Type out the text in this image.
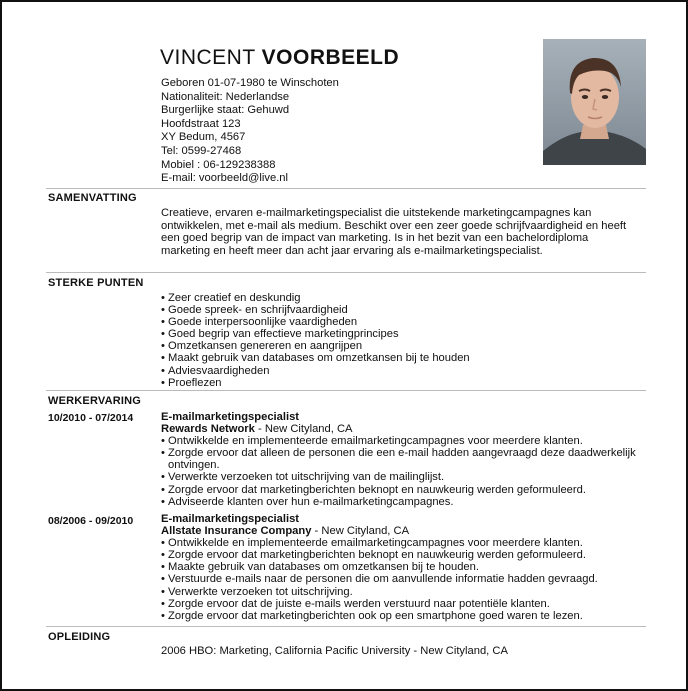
VINCENT VOORBEELD
Geboren 01-07-1980 te Winschoten
Nationaliteit: Nederlandse
Burgerlijke staat: Gehuwd
Hoofdstraat 123
XY Bedum, 4567
Tel: 0599-27468
Mobiel : 06-129238388
E-mail: voorbeeld@live.nl
SAMENVATTING
Creatieve, ervaren e-mailmarketingspecialist die uitstekende marketingcampagnes kan ontwikkelen, met e-mail als medium. Beschikt over een zeer goede schrijfvaardigheid en heeft een goed begrip van de impact van marketing. Is in het bezit van een bachelordiploma marketing en heeft meer dan acht jaar ervaring als e-mailmarketingspecialist.
STERKE PUNTEN
• Zeer creatief en deskundig
• Goede spreek- en schrijfvaardigheid
• Goede interpersoonlijke vaardigheden
• Goed begrip van effectieve marketingprincipes
• Omzetkansen genereren en aangrijpen
• Maakt gebruik van databases om omzetkansen bij te houden
• Adviesvaardigheden
• Proeflezen
WERKERVARING
10/2010 - 07/2014 E-mailmarketingspecialist
Rewards Network - New Cityland, CA
• Ontwikkelde en implementeerde emailmarketingcampagnes voor meerdere klanten.
• Zorgde ervoor dat alleen de personen die een e-mail hadden aangevraagd deze daadwerkelijk ontvingen.
• Verwerkte verzoeken tot uitschrijving van de mailinglijst.
• Zorgde ervoor dat marketingberichten beknopt en nauwkeurig werden geformuleerd.
• Adviseerde klanten over hun e-mailmarketingcampagnes.
08/2006 - 09/2010 E-mailmarketingspecialist
Allstate Insurance Company - New Cityland, CA
• Ontwikkelde en implementeerde emailmarketingcampagnes voor meerdere klanten.
• Zorgde ervoor dat marketingberichten beknopt en nauwkeurig werden geformuleerd.
• Maakte gebruik van databases om omzetkansen bij te houden.
• Verstuurde e-mails naar de personen die om aanvullende informatie hadden gevraagd.
• Verwerkte verzoeken tot uitschrijving.
• Zorgde ervoor dat de juiste e-mails werden verstuurd naar potentiële klanten.
• Zorgde ervoor dat marketingberichten ook op een smartphone goed waren te lezen.
OPLEIDING
2006 HBO: Marketing, California Pacific University - New Cityland, CA
